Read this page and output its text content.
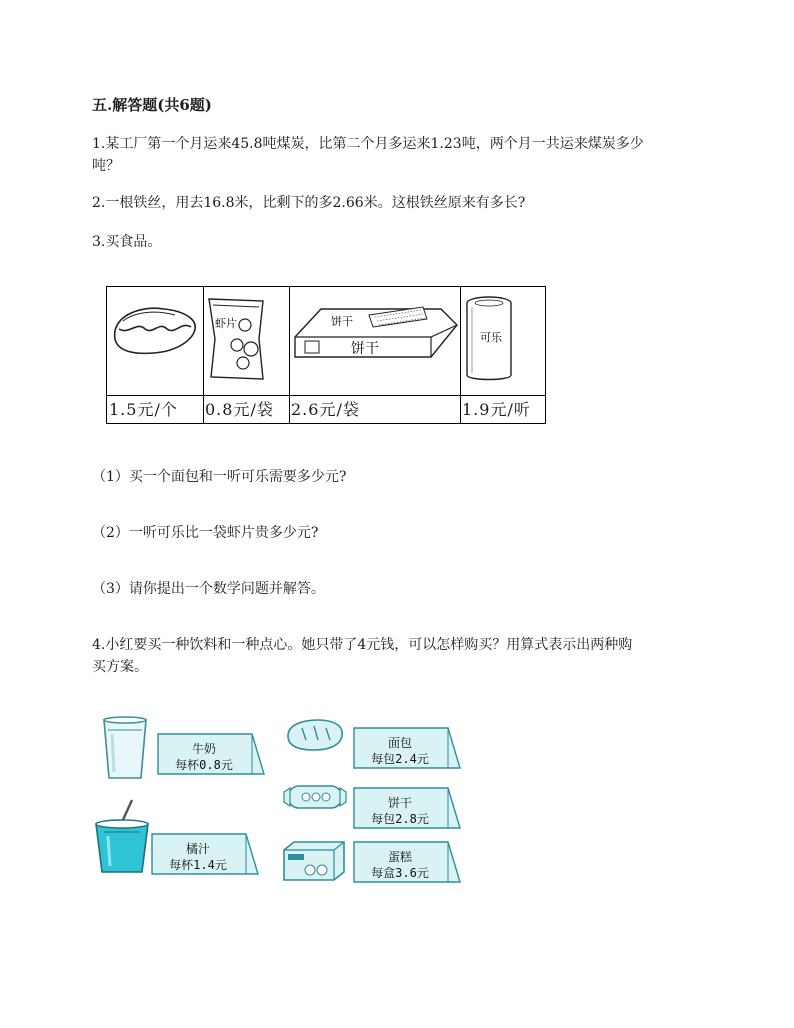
五.解答题(共6题)
1.某工厂第一个月运来45.8吨煤炭，比第二个月多运来1.23吨，两个月一共运来煤炭多少
吨？
2.一根铁丝，用去16.8米，比剩下的多2.66米。这根铁丝原来有多长?
3.买食品。
虾片	饼干
饼干
可乐
1.5元/个 0.8元/袋 2.6元/袋	1.9元/听
（1）买一个面包和一听可乐需要多少元?
（2）一听可乐比一袋虾片贵多少元?
（3）请你提出一个数学问题并解答。
4.小红要买一种饮料和一种点心。她只带了4元钱，可以怎样购买？用算式表示出两种购
买方案。
牛奶
每杯0.8元
橘汁
每杯1.4元
面包
每包2.4元
饼干
每包2.8元
蛋糕
每盒3.6元
